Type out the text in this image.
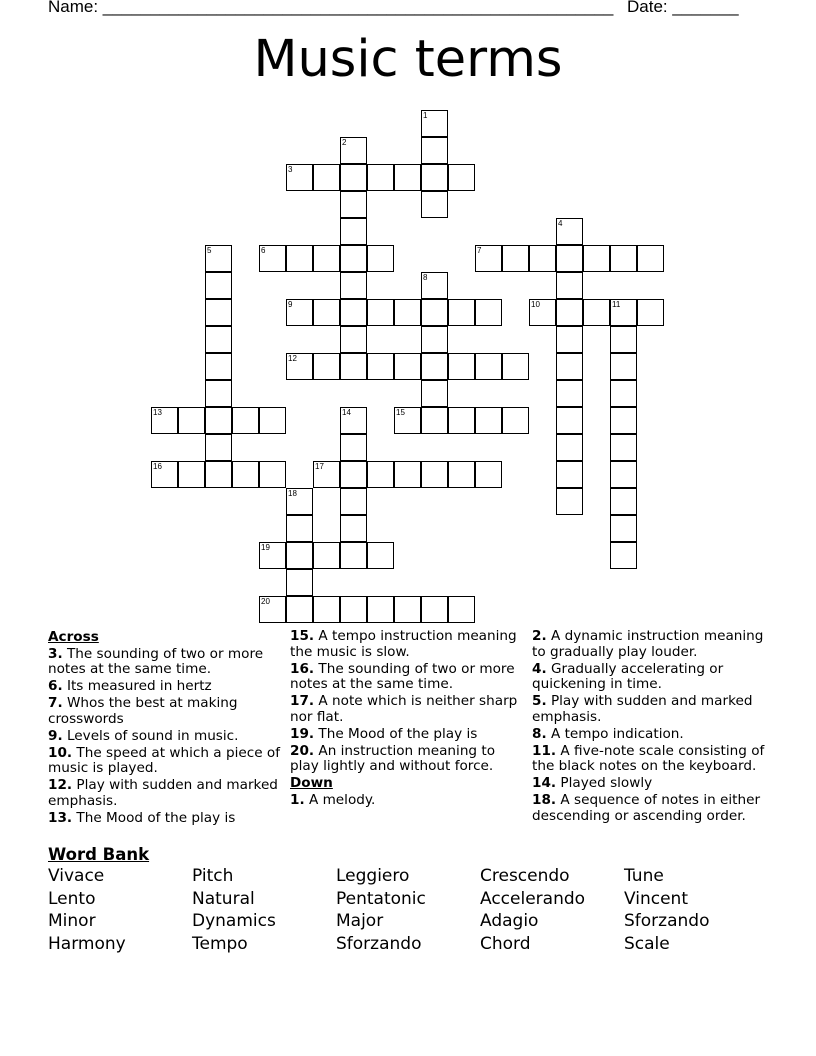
Name: ______________________________________________________ Date: _______
Music terms
1
2
3
4
5	6	7
8
9	10	11
12
13	14	15
16	17
18
19
20
Across
3. The sounding of two or more notes at the same time.
6. Its measured in hertz
7. Whos the best at making crosswords
9. Levels of sound in music.
10. The speed at which a piece of music is played.
12. Play with sudden and marked emphasis.
13. The Mood of the play is
15. A tempo instruction meaning the music is slow.
16. The sounding of two or more notes at the same time.
17. A note which is neither sharp nor flat.
19. The Mood of the play is
20. An instruction meaning to play lightly and without force.
Down
1. A melody.
2. A dynamic instruction meaning to gradually play louder.
4. Gradually accelerating or quickening in time.
5. Play with sudden and marked emphasis.
8. A tempo indication.
11. A five-note scale consisting of the black notes on the keyboard.
14. Played slowly
18. A sequence of notes in either descending or ascending order.
Word Bank
Vivace	Pitch	Leggiero	Crescendo	Tune
Lento	Natural	Pentatonic	Accelerando Vincent
Minor	Dynamics	Major	Adagio	Sforzando
Harmony	Tempo	Sforzando	Chord	Scale
